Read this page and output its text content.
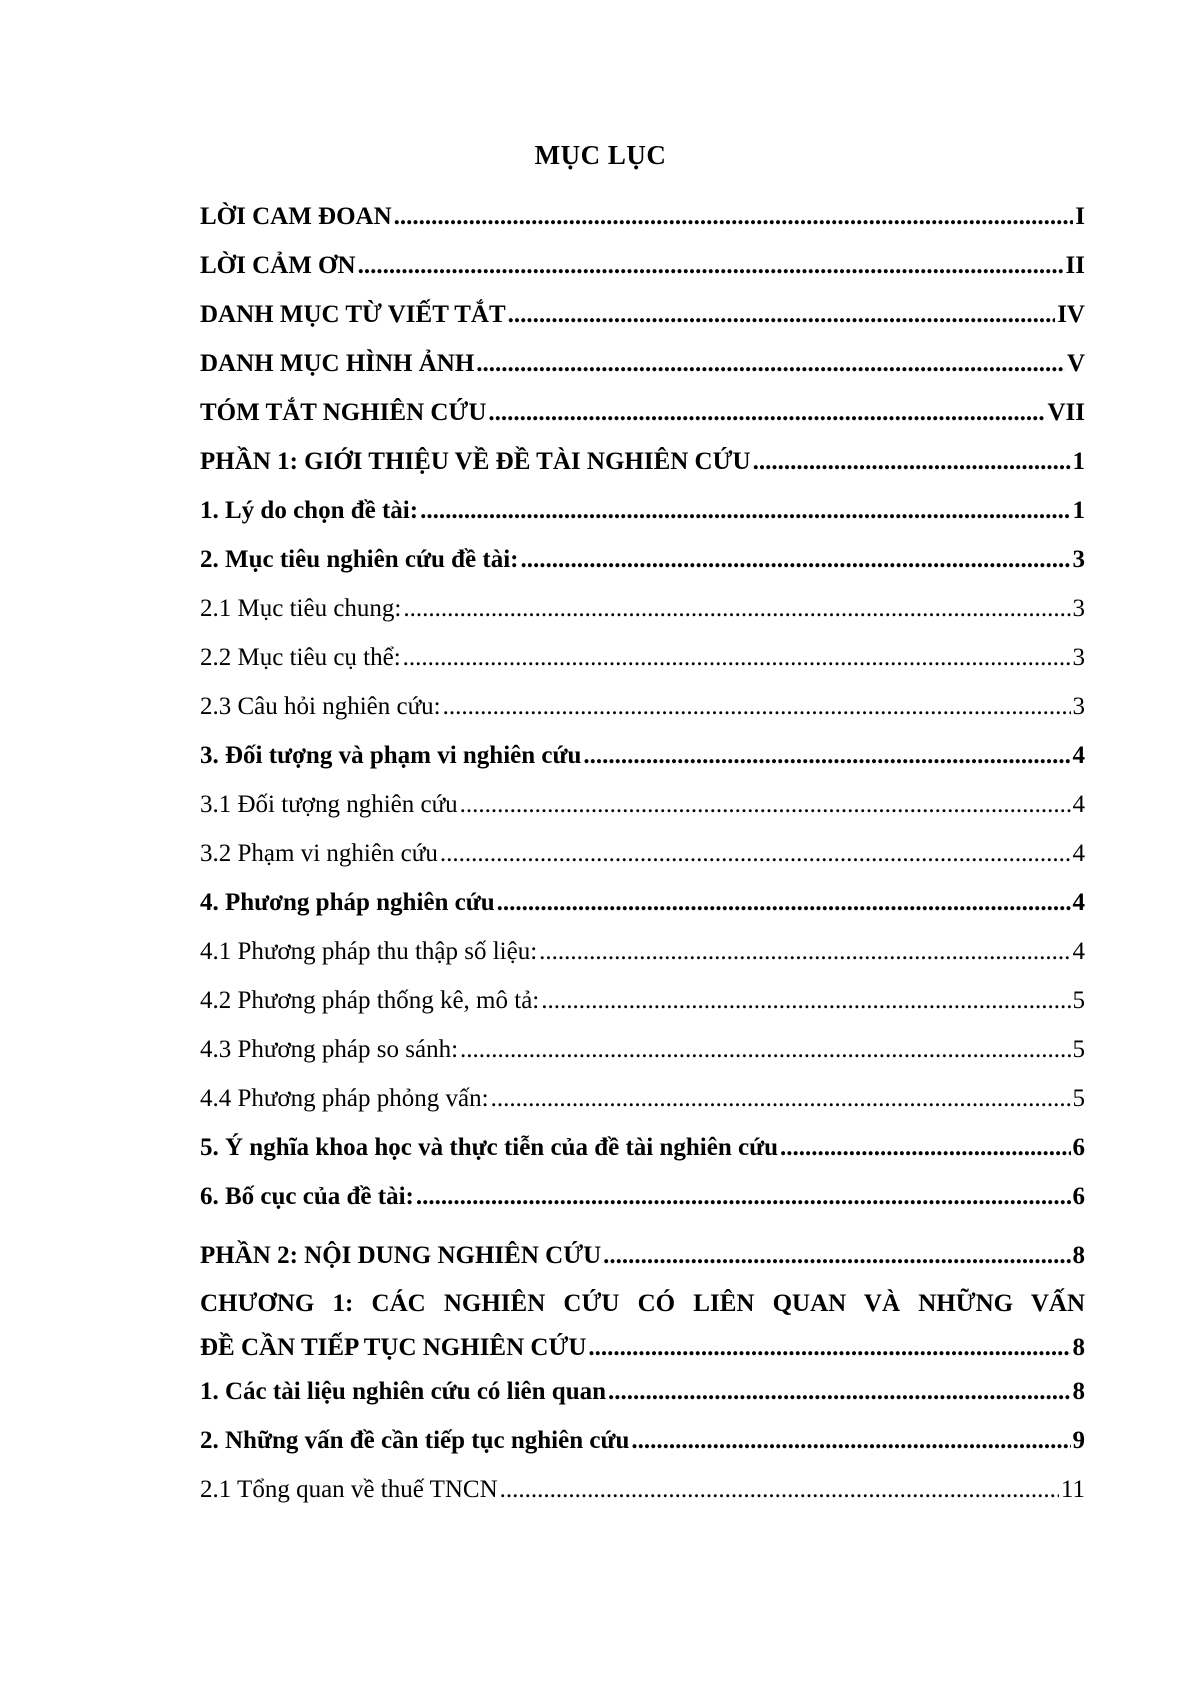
MỤC LỤC
LỜI CAM ĐOAN .....	I
LỜI CẢM ƠN .....	II
DANH MỤC TỪ VIẾT TẮT .....	IV
DANH MỤC HÌNH ẢNH .....	V
TÓM TẮT NGHIÊN CỨU .....	VII
PHẦN 1: GIỚI THIỆU VỀ ĐỀ TÀI NGHIÊN CỨU .....	1
1. Lý do chọn đề tài: .....	1
2. Mục tiêu nghiên cứu đề tài: .....	3
2.1 Mục tiêu chung: .....	3
2.2 Mục tiêu cụ thể: .....	3
2.3 Câu hỏi nghiên cứu: .....	3
3. Đối tượng và phạm vi nghiên cứu .....	4
3.1 Đối tượng nghiên cứu .....	4
3.2 Phạm vi nghiên cứu .....	4
4. Phương pháp nghiên cứu .....	4
4.1 Phương pháp thu thập số liệu: .....	4
4.2 Phương pháp thống kê, mô tả: .....	5
4.3 Phương pháp so sánh: .....	5
4.4 Phương pháp phỏng vấn: .....	5
5. Ý nghĩa khoa học và thực tiễn của đề tài nghiên cứu .....	6
6. Bố cục của đề tài: .....	6
PHẦN 2: NỘI DUNG NGHIÊN CỨU .....	8
CHƯƠNG 1: CÁC NGHIÊN CỨU CÓ LIÊN QUAN VÀ NHỮNG VẤN
ĐỀ CẦN TIẾP TỤC NGHIÊN CỨU .....	8
1. Các tài liệu nghiên cứu có liên quan .....	8
2. Những vấn đề cần tiếp tục nghiên cứu .....	9
2.1 Tổng quan về thuế TNCN .....	11
